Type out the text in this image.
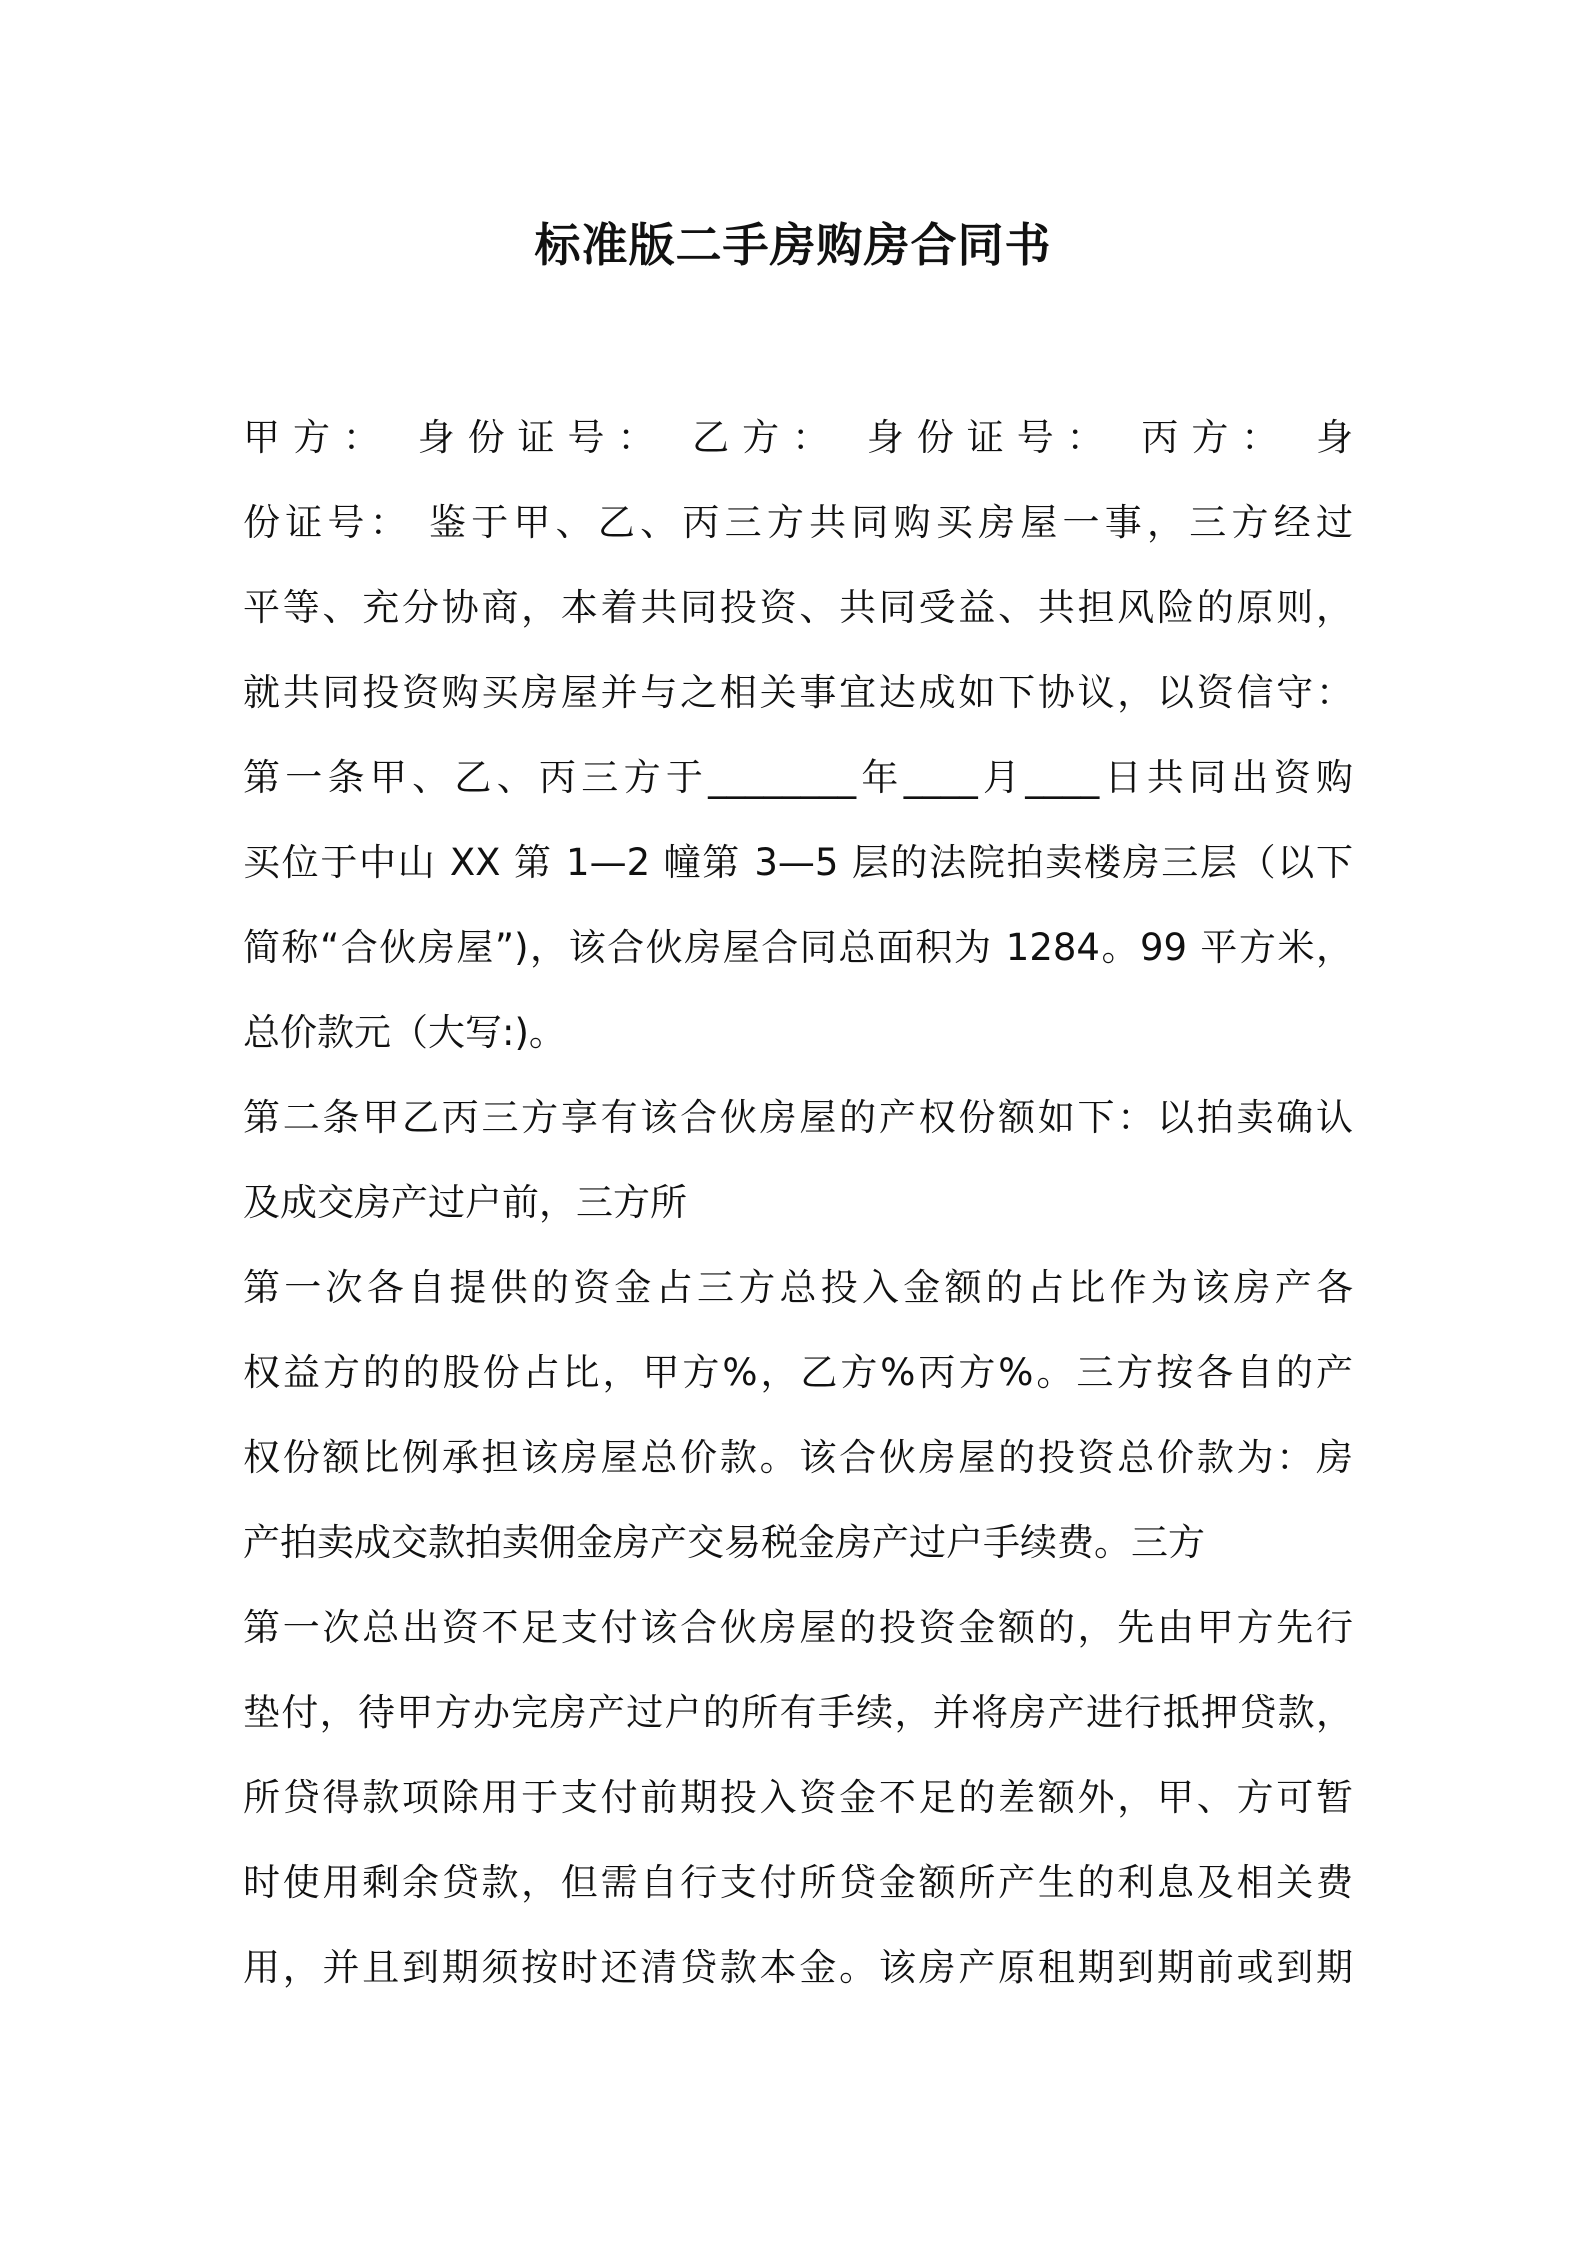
标准版二手房购房合同书
甲方： 身份证号： 乙方： 身份证号： 丙方： 身
份证号： 鉴于甲、乙、丙三方共同购买房屋一事，三方经过
平等、充分协商，本着共同投资、共同受益、共担风险的原则，
就共同投资购买房屋并与之相关事宜达成如下协议，以资信守：
第一条甲、乙、丙三方于________年____月____日共同出资购
买位于中山 XX 第 1—2 幢第 3—5 层的法院拍卖楼房三层（以下
简称“合伙房屋”)，该合伙房屋合同总面积为 1284。99 平方米，
总价款元（大写:)。
第二条甲乙丙三方享有该合伙房屋的产权份额如下：以拍卖确认
及成交房产过户前，三方所
第一次各自提供的资金占三方总投入金额的占比作为该房产各
权益方的的股份占比，甲方%，乙方%丙方%。三方按各自的产
权份额比例承担该房屋总价款。该合伙房屋的投资总价款为：房
产拍卖成交款拍卖佣金房产交易税金房产过户手续费。三方
第一次总出资不足支付该合伙房屋的投资金额的，先由甲方先行
垫付，待甲方办完房产过户的所有手续，并将房产进行抵押贷款，
所贷得款项除用于支付前期投入资金不足的差额外，甲、方可暂
时使用剩余贷款，但需自行支付所贷金额所产生的利息及相关费
用，并且到期须按时还清贷款本金。该房产原租期到期前或到期
